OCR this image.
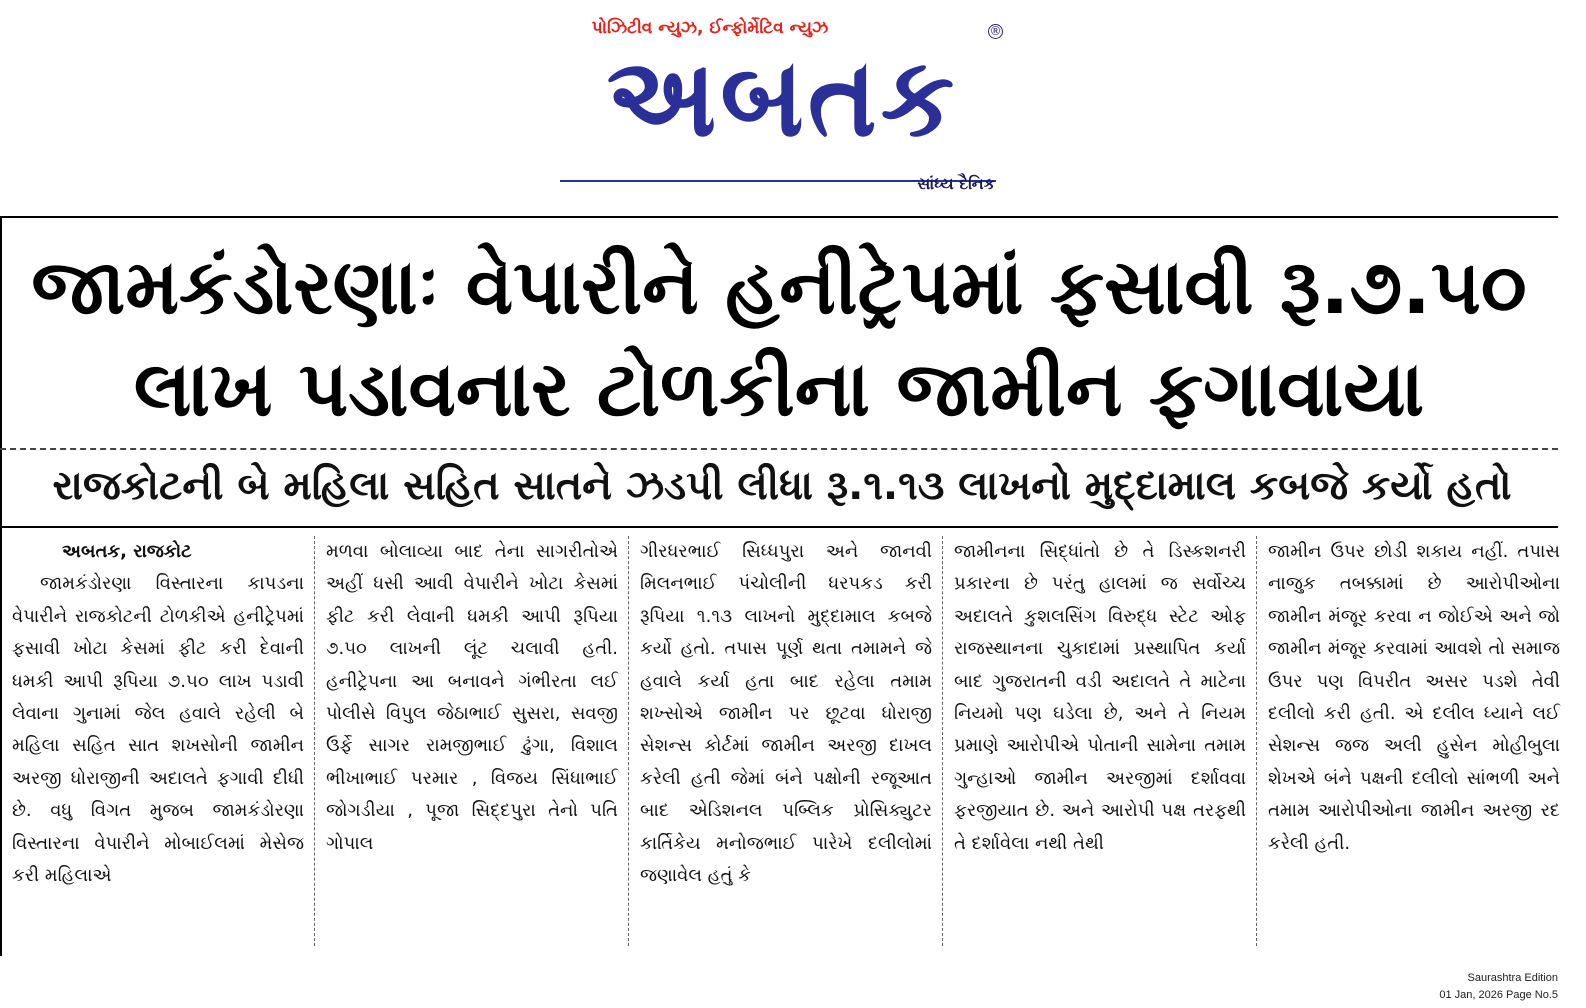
પોઝિટીવ ન્યુઝ, ઈન્ફોર્મેટિવ ન્યુઝ	®
અબતક
સાંધ્ય દૈનિક
જામકંડોરણાઃ વેપારીને હનીટ્રેપમાં ફસાવી રૂ.૭.૫૦
લાખ પડાવનાર ટોળકીના જામીન ફગાવાયા
રાજકોટની બે મહિલા સહિત સાતને ઝડપી લીધા રૂ.૧.૧૩ લાખનો મુદ્દામાલ કબજે કર્યો હતો

અબતક, રાજકોટ

જામકંડોરણા વિસ્તારના કાપડના વેપારીને રાજકોટની ટોળકીએ હનીટ્રેપમાં ફસાવી ખોટા કેસમાં ફીટ કરી દેવાની ધમકી આપી રૂપિયા ૭.૫૦ લાખ પડાવી લેવાના ગુનામાં જેલ હવાલે રહેલી બે મહિલા સહિત સાત શખસોની જામીન અરજી ધોરાજીની અદાલતે ફગાવી દીધી છે. વધુ વિગત મુજબ જામકંડોરણા વિસ્તારના વેપારીને મોબાઈલમાં મેસેજ કરી મહિલાએ

મળવા બોલાવ્યા બાદ તેના સાગરીતોએ અહીં ધસી આવી વેપારીને ખોટા કેસમાં ફીટ કરી લેવાની ધમકી આપી રૂપિયા ૭.૫૦ લાખની લૂંટ ચલાવી હતી. હનીટ્રેપના આ બનાવને ગંભીરતા લઈ પોલીસે વિપુલ જેઠાભાઈ સુસરા, સવજી ઉર્ફે સાગર રામજીભાઈ ઢુંગા, વિશાલ ભીખાભાઈ પરમાર , વિજય સિંધાભાઈ જોગડીયા , પૂજા સિદ્દપુરા તેનો પતિ ગોપાલ

ગીરધરભાઈ સિધ્ધપુરા અને જાનવી મિલનભાઈ પંચોલીની ધરપકડ કરી રૂપિયા ૧.૧૩ લાખનો મુદ્દામાલ કબજે કર્યો હતો. તપાસ પૂર્ણ થતા તમામને જે હવાલે કર્યા હતા બાદ રહેલા તમામ શખ્સોએ જામીન પર છૂટવા ધોરાજી સેશન્સ કોર્ટમાં જામીન અરજી દાખલ કરેલી હતી જેમાં બંને પક્ષોની રજૂઆત બાદ એડિશનલ પબ્લિક પ્રોસિક્યુટર કાર્તિકેય મનોજભાઈ પારેખે દલીલોમાં જણાવેલ હતું કે

જામીનના સિદ્ધાંતો છે તે ડિસ્કશનરી પ્રકારના છે પરંતુ હાલમાં જ સર્વોચ્ચ અદાલતે કુશલસિંગ વિરુદ્ધ સ્ટેટ ઓફ રાજસ્થાનના ચુકાદામાં પ્રસ્થાપિત કર્યા બાદ ગુજરાતની વડી અદાલતે તે માટેના નિયમો પણ ઘડેલા છે, અને તે નિયમ પ્રમાણે આરોપીએ પોતાની સામેના તમામ ગુન્હાઓ જામીન અરજીમાં દર્શાવવા ફરજીયાત છે. અને આરોપી પક્ષ તરફથી તે દર્શાવેલા નથી તેથી

જામીન ઉપર છોડી શકાય નહીં. તપાસ નાજુક તબક્કામાં છે આરોપીઓના જામીન મંજૂર કરવા ન જોઈએ અને જો જામીન મંજૂર કરવામાં આવશે તો સમાજ ઉપર પણ વિપરીત અસર પડશે તેવી દલીલો કરી હતી. એ દલીલ ધ્યાને લઈ સેશન્સ જજ અલી હુસેન મોહીબુલા શેખએ બંને પક્ષની દલીલો સાંભળી અને તમામ આરોપીઓના જામીન અરજી રદ કરેલી હતી.

Saurashtra Edition
01 Jan, 2026 Page No.5
